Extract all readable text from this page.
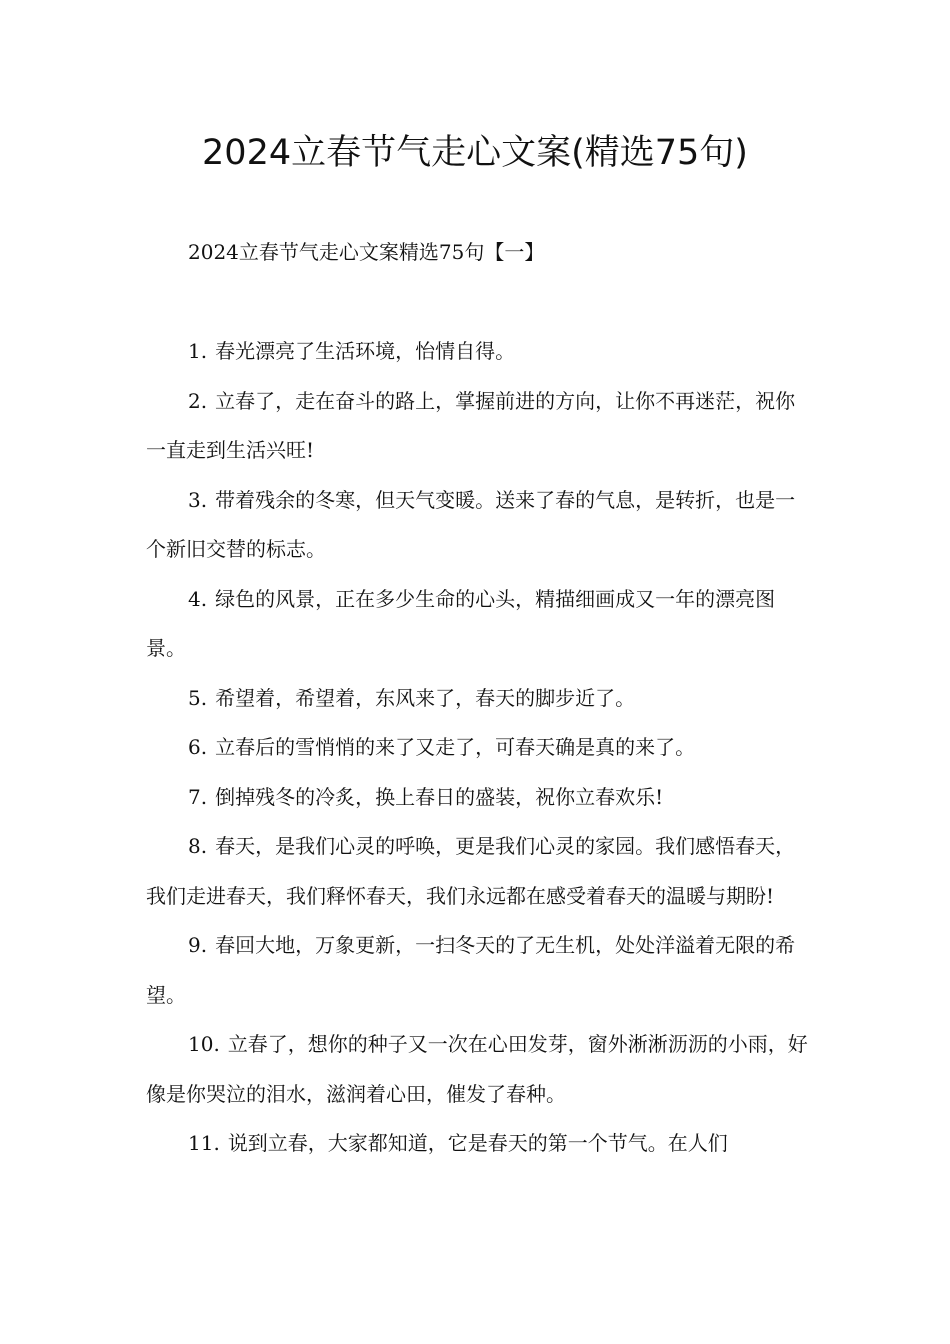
2024立春节气走心文案(精选75句)

2024立春节气走心文案精选75句【一】

1. 春光漂亮了生活环境，怡情自得。

2. 立春了，走在奋斗的路上，掌握前进的方向，让你不再迷茫，祝你一直走到生活兴旺!

3. 带着残余的冬寒，但天气变暖。送来了春的气息，是转折，也是一个新旧交替的标志。

4. 绿色的风景，正在多少生命的心头，精描细画成又一年的漂亮图景。

5. 希望着，希望着，东风来了，春天的脚步近了。

6. 立春后的雪悄悄的来了又走了，可春天确是真的来了。

7. 倒掉残冬的冷炙，换上春日的盛装，祝你立春欢乐!

8. 春天，是我们心灵的呼唤，更是我们心灵的家园。我们感悟春天，我们走进春天，我们释怀春天，我们永远都在感受着春天的温暖与期盼!

9. 春回大地，万象更新，一扫冬天的了无生机，处处洋溢着无限的希望。

10. 立春了，想你的种子又一次在心田发芽，窗外淅淅沥沥的小雨，好像是你哭泣的泪水，滋润着心田，催发了春种。

11. 说到立春，大家都知道，它是春天的第一个节气。在人们
